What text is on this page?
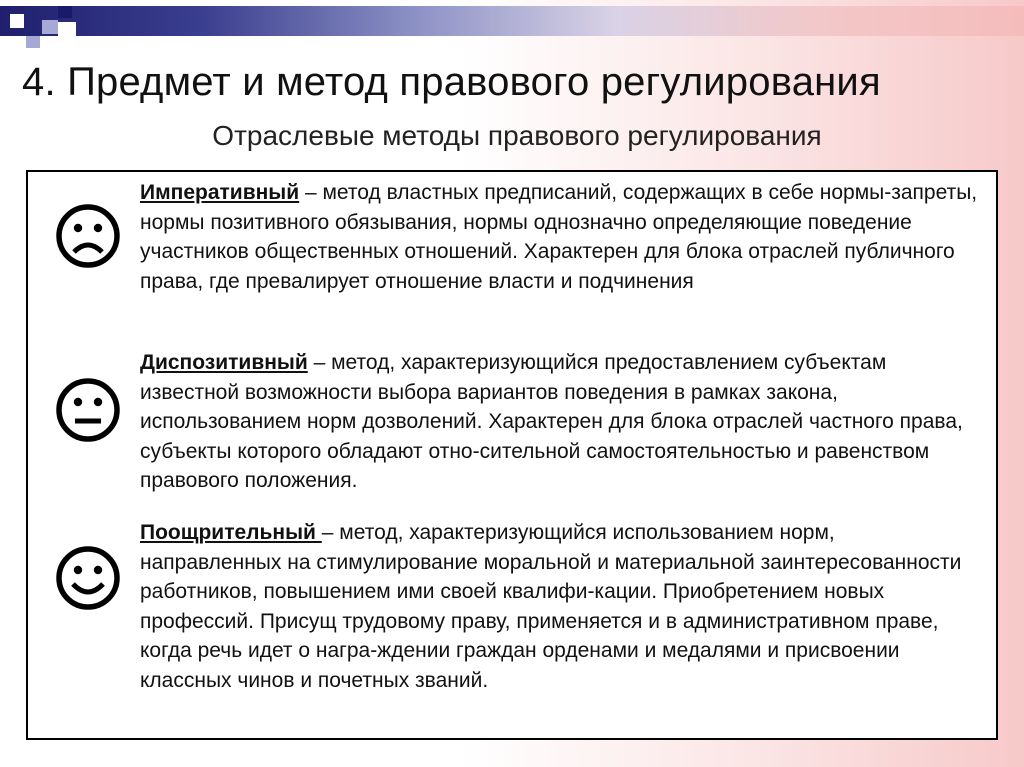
4. Предмет и метод правового регулирования
Отраслевые методы правового регулирования
Императивный – метод властных предписаний, содержащих в себе нормы-запреты, нормы позитивного обязывания, нормы однозначно определяющие поведение участников общественных отношений. Характерен для блока отраслей публичного права, где превалирует отношение власти и подчинения
Диспозитивный – метод, характеризующийся предоставлением субъектам известной возможности выбора вариантов поведения в рамках закона, использованием норм дозволений. Характерен для блока отраслей частного права, субъекты которого обладают отно-сительной самостоятельностью и равенством правового положения.
Поощрительный – метод, характеризующийся использованием норм, направленных на стимулирование моральной и материальной заинтересованности работников, повышением ими своей квалифи-кации. Приобретением новых профессий. Присущ трудовому праву, применяется и в административном праве, когда речь идет о награ-ждении граждан орденами и медалями и присвоении классных чинов и почетных званий.
